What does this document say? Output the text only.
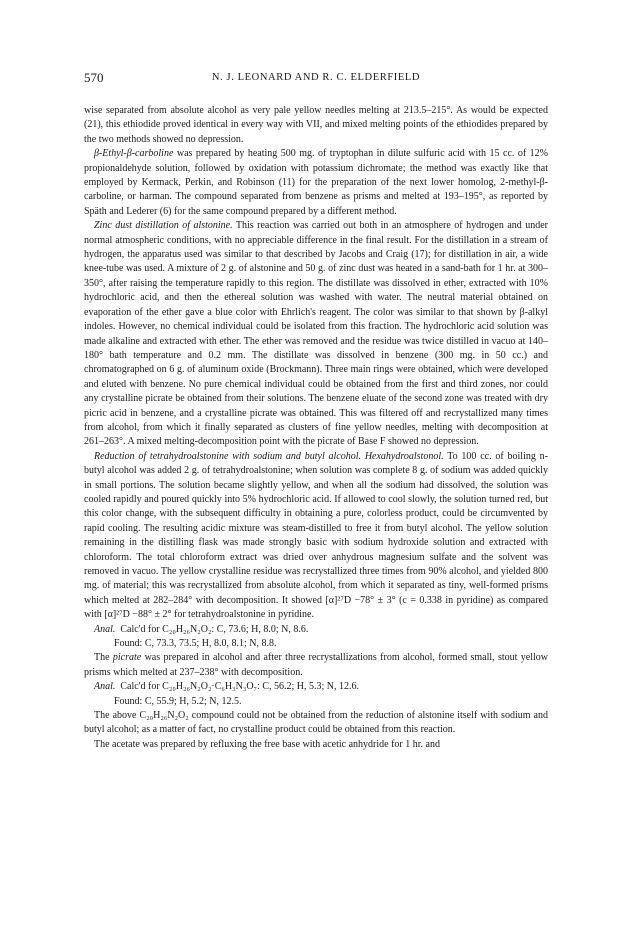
570	N. J. LEONARD AND R. C. ELDERFIELD

wise separated from absolute alcohol as very pale yellow needles melting at 213.5–215°. As would be expected (21), this ethiodide proved identical in every way with VII, and mixed melting points of the ethiodides prepared by the two methods showed no depression.

β-Ethyl-β-carboline was prepared by heating 500 mg. of tryptophan in dilute sulfuric acid with 15 cc. of 12% propionaldehyde solution, followed by oxidation with potassium dichromate; the method was exactly like that employed by Kermack, Perkin, and Robinson (11) for the preparation of the next lower homolog, 2-methyl-β-carboline, or harman. The compound separated from benzene as prisms and melted at 193–195°, as reported by Späth and Lederer (6) for the same compound prepared by a different method.

Zinc dust distillation of alstonine. This reaction was carried out both in an atmosphere of hydrogen and under normal atmospheric conditions, with no appreciable difference in the final result. For the distillation in a stream of hydrogen, the apparatus used was similar to that described by Jacobs and Craig (17); for distillation in air, a wide knee-tube was used. A mixture of 2 g. of alstonine and 50 g. of zinc dust was heated in a sand-bath for 1 hr. at 300–350°, after raising the temperature rapidly to this region. The distillate was dissolved in ether, extracted with 10% hydrochloric acid, and then the ethereal solution was washed with water. The neutral material obtained on evaporation of the ether gave a blue color with Ehrlich's reagent. The color was similar to that shown by β-alkyl indoles. However, no chemical individual could be isolated from this fraction. The hydrochloric acid solution was made alkaline and extracted with ether. The ether was removed and the residue was twice distilled in vacuo at 140–180° bath temperature and 0.2 mm. The distillate was dissolved in benzene (300 mg. in 50 cc.) and chromatographed on 6 g. of aluminum oxide (Brockmann). Three main rings were obtained, which were developed and eluted with benzene. No pure chemical individual could be obtained from the first and third zones, nor could any crystalline picrate be obtained from their solutions. The benzene eluate of the second zone was treated with dry picric acid in benzene, and a crystalline picrate was obtained. This was filtered off and recrystallized many times from alcohol, from which it finally separated as clusters of fine yellow needles, melting with decomposition at 261–263°. A mixed melting-decomposition point with the picrate of Base F showed no depression.

Reduction of tetrahydroalstonine with sodium and butyl alcohol. Hexahydroalstonol. To 100 cc. of boiling n-butyl alcohol was added 2 g. of tetrahydroalstonine; when solution was complete 8 g. of sodium was added quickly in small portions. The solution became slightly yellow, and when all the sodium had dissolved, the solution was cooled rapidly and poured quickly into 5% hydrochloric acid. If allowed to cool slowly, the solution turned red, but this color change, with the subsequent difficulty in obtaining a pure, colorless product, could be circumvented by rapid cooling. The resulting acidic mixture was steam-distilled to free it from butyl alcohol. The yellow solution remaining in the distilling flask was made strongly basic with sodium hydroxide solution and extracted with chloroform. The total chloroform extract was dried over anhydrous magnesium sulfate and the solvent was removed in vacuo. The yellow crystalline residue was recrystallized three times from 90% alcohol, and yielded 800 mg. of material; this was recrystallized from absolute alcohol, from which it separated as tiny, well-formed prisms which melted at 282–284° with decomposition. It showed [α]²⁷D −78° ± 3° (c = 0.338 in pyridine) as compared with [α]²⁷D −88° ± 2° for tetrahydroalstonine in pyridine.

Anal. Calc'd for C₂₀H₂₆N₂O₂: C, 73.6; H, 8.0; N, 8.6.

Found: C, 73.3, 73.5; H, 8.0, 8.1; N, 8.8.

The picrate was prepared in alcohol and after three recrystallizations from alcohol, formed small, stout yellow prisms which melted at 237–238° with decomposition.

Anal. Calc'd for C₂₀H₂₆N₂O₂·C₆H₃N₃O₇: C, 56.2; H, 5.3; N, 12.6.

Found: C, 55.9; H, 5.2; N, 12.5.

The above C₂₀H₂₆N₂O₂ compound could not be obtained from the reduction of alstonine itself with sodium and butyl alcohol; as a matter of fact, no crystalline product could be obtained from this reaction.

The acetate was prepared by refluxing the free base with acetic anhydride for 1 hr. and
